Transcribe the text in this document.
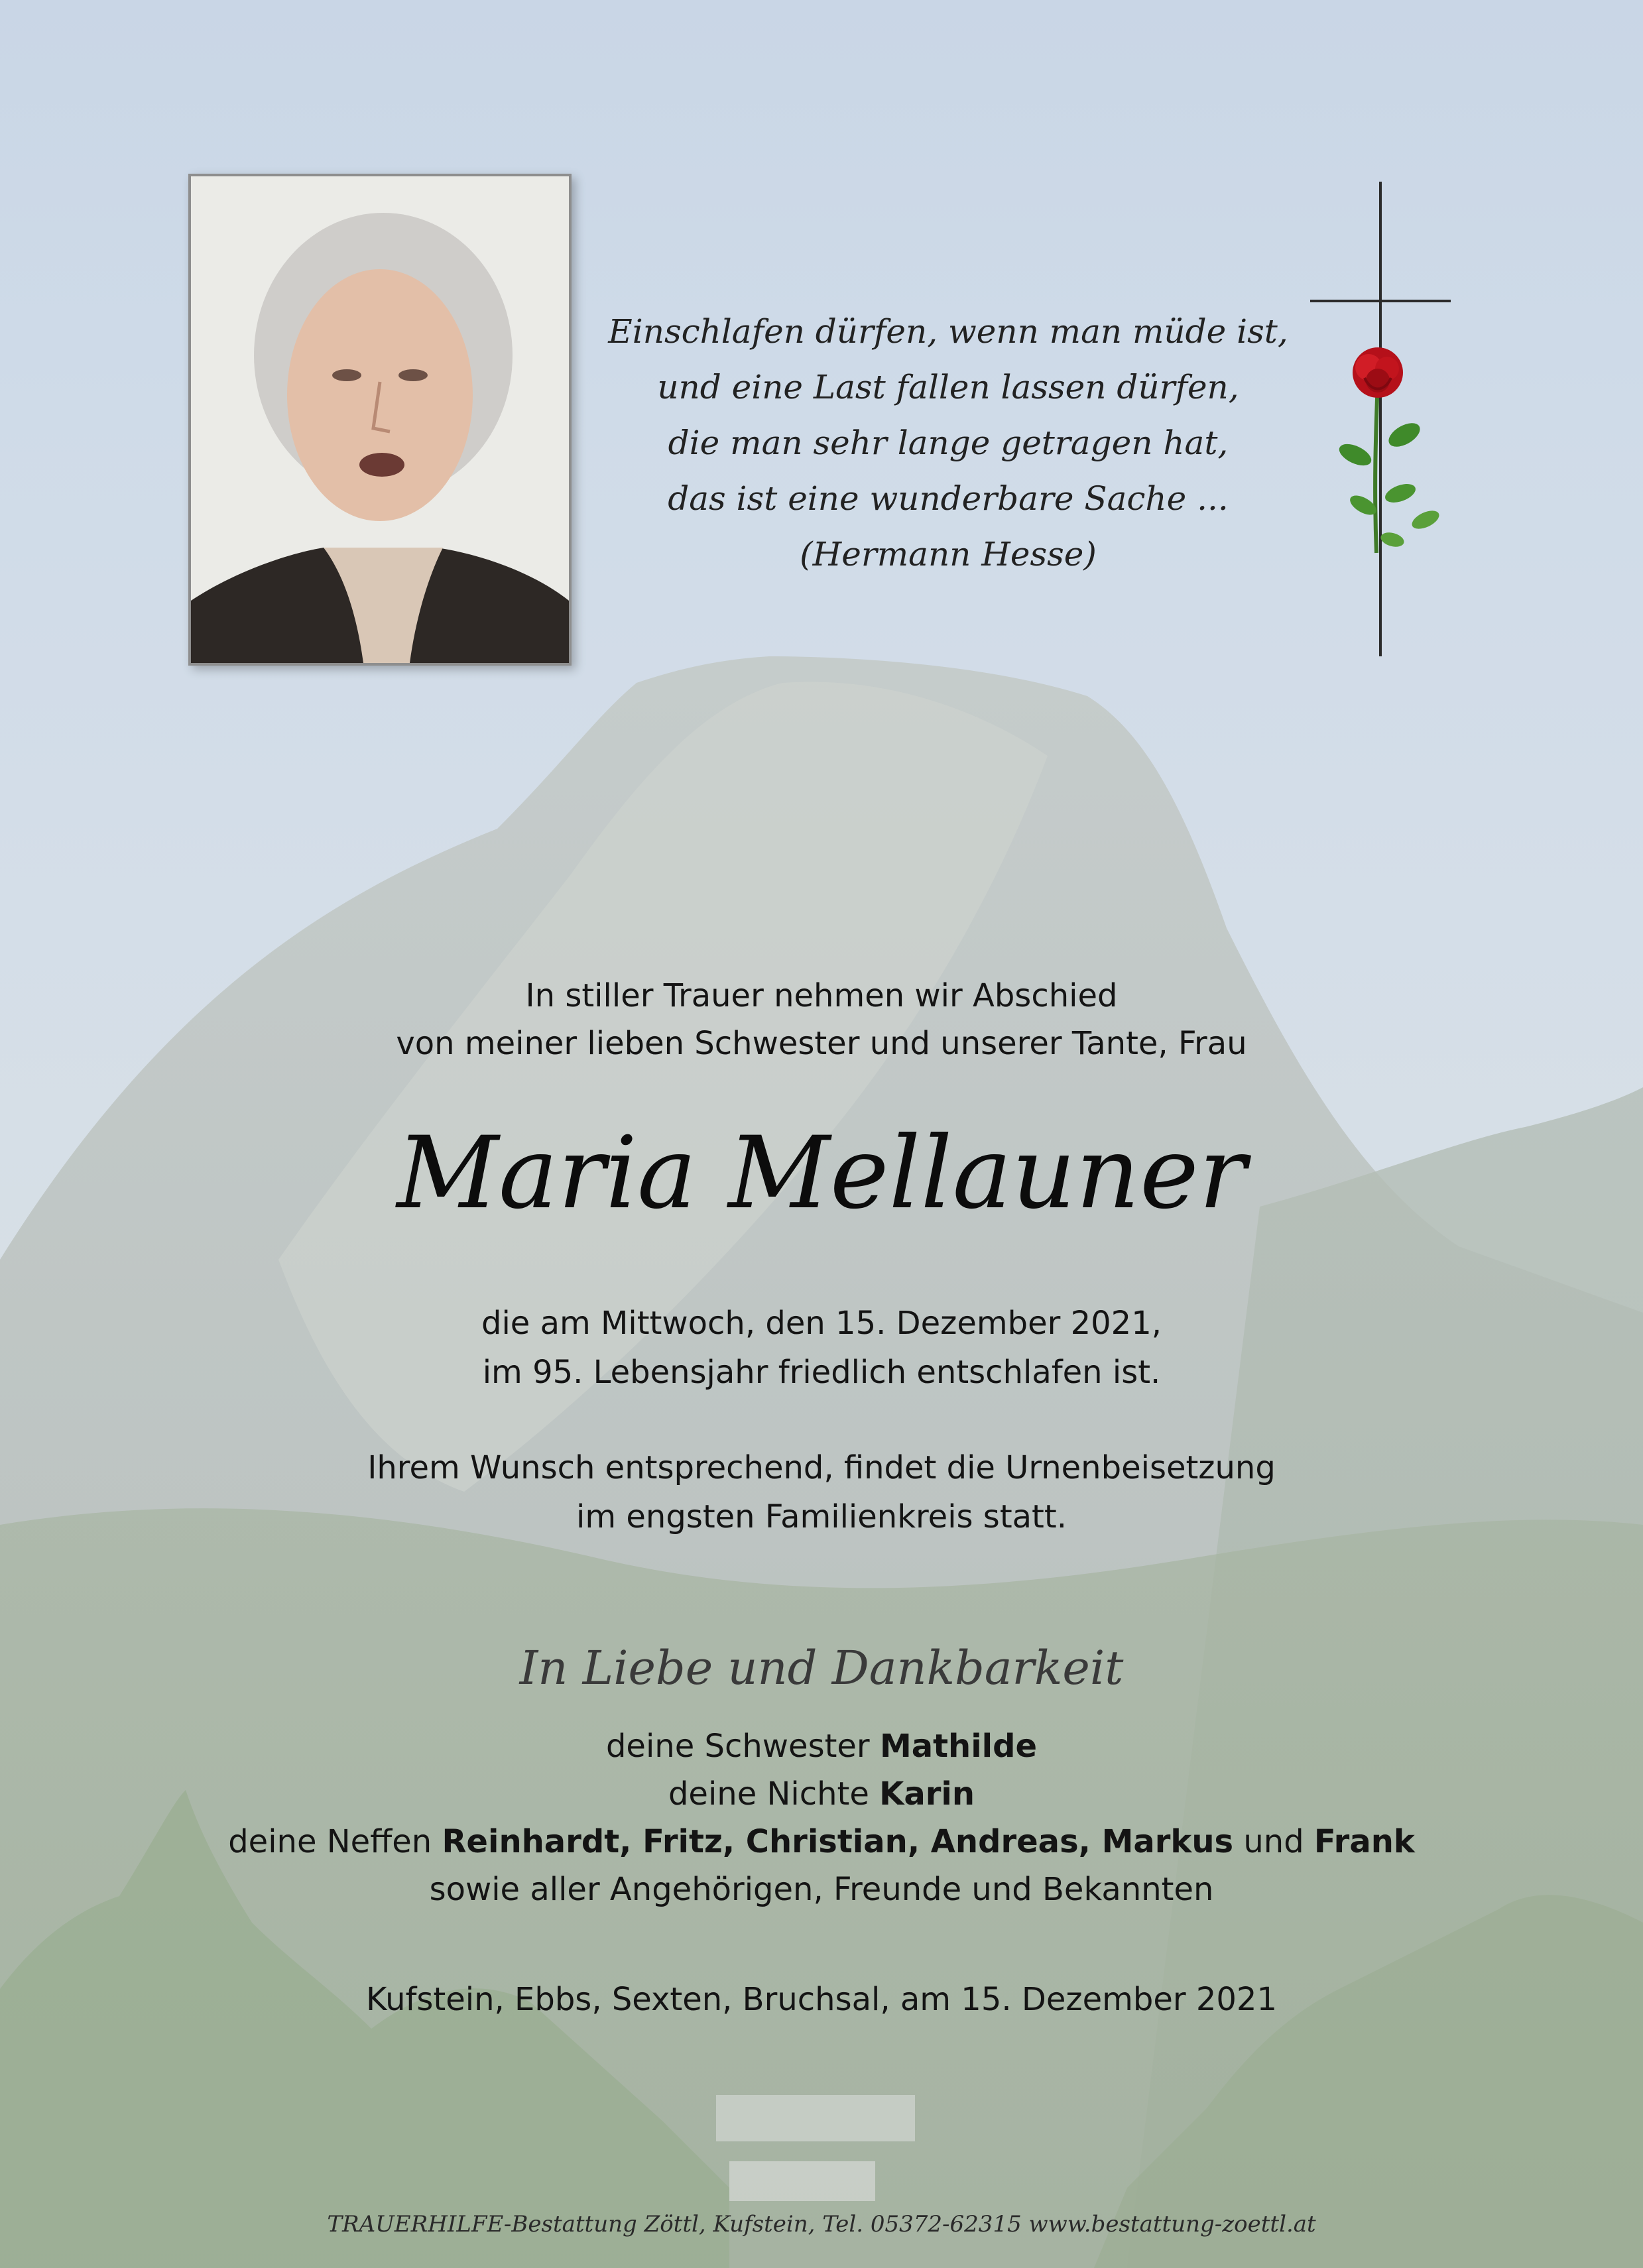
Einschlafen dürfen, wenn man müde ist,
und eine Last fallen lassen dürfen,
die man sehr lange getragen hat,
das ist eine wunderbare Sache ...
(Hermann Hesse)
In stiller Trauer nehmen wir Abschied
von meiner lieben Schwester und unserer Tante, Frau
Maria Mellauner
die am Mittwoch, den 15. Dezember 2021,
im 95. Lebensjahr friedlich entschlafen ist.
Ihrem Wunsch entsprechend, findet die Urnenbeisetzung
im engsten Familienkreis statt.
In Liebe und Dankbarkeit
deine Schwester Mathilde
deine Nichte Karin
deine Neffen Reinhardt, Fritz, Christian, Andreas, Markus und Frank
sowie aller Angehörigen, Freunde und Bekannten
Kufstein, Ebbs, Sexten, Bruchsal, am 15. Dezember 2021
TRAUERHILFE-Bestattung Zöttl, Kufstein, Tel. 05372-62315 www.bestattung-zoettl.at
